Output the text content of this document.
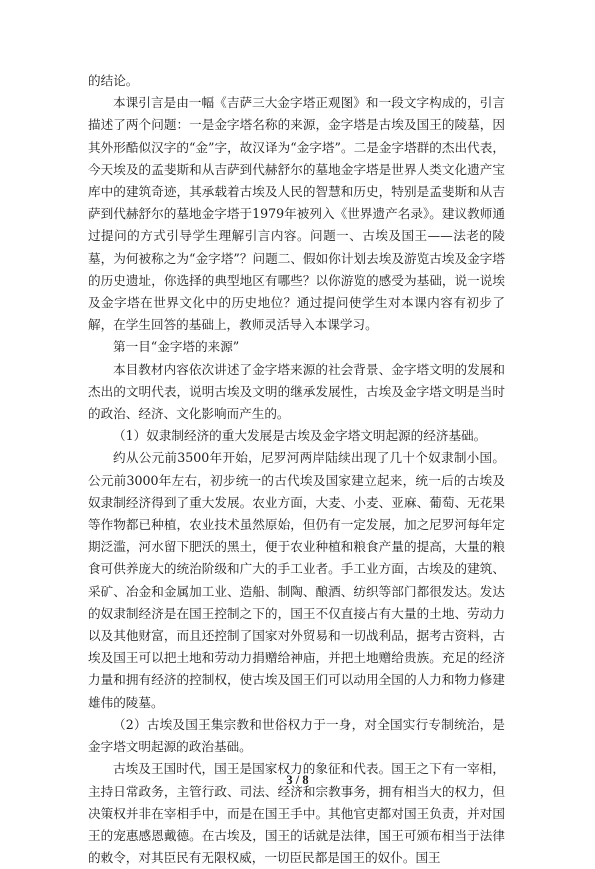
的结论。

本课引言是由一幅《吉萨三大金字塔正观图》和一段文字构成的，引言描述了两个问题：一是金字塔名称的来源，金字塔是古埃及国王的陵墓，因其外形酷似汉字的“金”字，故汉译为“金字塔”。二是金字塔群的杰出代表，今天埃及的孟斐斯和从吉萨到代赫舒尔的墓地金字塔是世界人类文化遗产宝库中的建筑奇迹，其承载着古埃及人民的智慧和历史，特别是孟斐斯和从吉萨到代赫舒尔的墓地金字塔于1979年被列入《世界遗产名录》。建议教师通过提问的方式引导学生理解引言内容。问题一、古埃及国王——法老的陵墓，为何被称之为“金字塔”？问题二、假如你计划去埃及游览古埃及金字塔的历史遗址，你选择的典型地区有哪些？以你游览的感受为基础，说一说埃及金字塔在世界文化中的历史地位？通过提问使学生对本课内容有初步了解，在学生回答的基础上，教师灵活导入本课学习。

第一目“金字塔的来源”

本目教材内容依次讲述了金字塔来源的社会背景、金字塔文明的发展和杰出的文明代表，说明古埃及文明的继承发展性，古埃及金字塔文明是当时的政治、经济、文化影响而产生的。

（1）奴隶制经济的重大发展是古埃及金字塔文明起源的经济基础。

约从公元前3500年开始，尼罗河两岸陆续出现了几十个奴隶制小国。公元前3000年左右，初步统一的古代埃及国家建立起来，统一后的古埃及奴隶制经济得到了重大发展。农业方面，大麦、小麦、亚麻、葡萄、无花果等作物都已种植，农业技术虽然原始，但仍有一定发展，加之尼罗河每年定期泛滥，河水留下肥沃的黑土，便于农业种植和粮食产量的提高，大量的粮食可供养庞大的统治阶级和广大的手工业者。手工业方面，古埃及的建筑、采矿、冶金和金属加工业、造船、制陶、酿酒、纺织等部门都很发达。发达的奴隶制经济是在国王控制之下的，国王不仅直接占有大量的土地、劳动力以及其他财富，而且还控制了国家对外贸易和一切战利品，据考古资料，古埃及国王可以把土地和劳动力捐赠给神庙，并把土地赠给贵族。充足的经济力量和拥有经济的控制权，使古埃及国王们可以动用全国的人力和物力修建雄伟的陵墓。

（2）古埃及国王集宗教和世俗权力于一身，对全国实行专制统治，是金字塔文明起源的政治基础。

古埃及王国时代，国王是国家权力的象征和代表。国王之下有一宰相，主持日常政务，主管行政、司法、经济和宗教事务，拥有相当大的权力，但决策权并非在宰相手中，而是在国王手中。其他官吏都对国王负责，并对国王的宠惠感恩戴德。在古埃及，国王的话就是法律，国王可颁布相当于法律的敕令，对其臣民有无限权威，一切臣民都是国王的奴仆。国王

3 / 8
